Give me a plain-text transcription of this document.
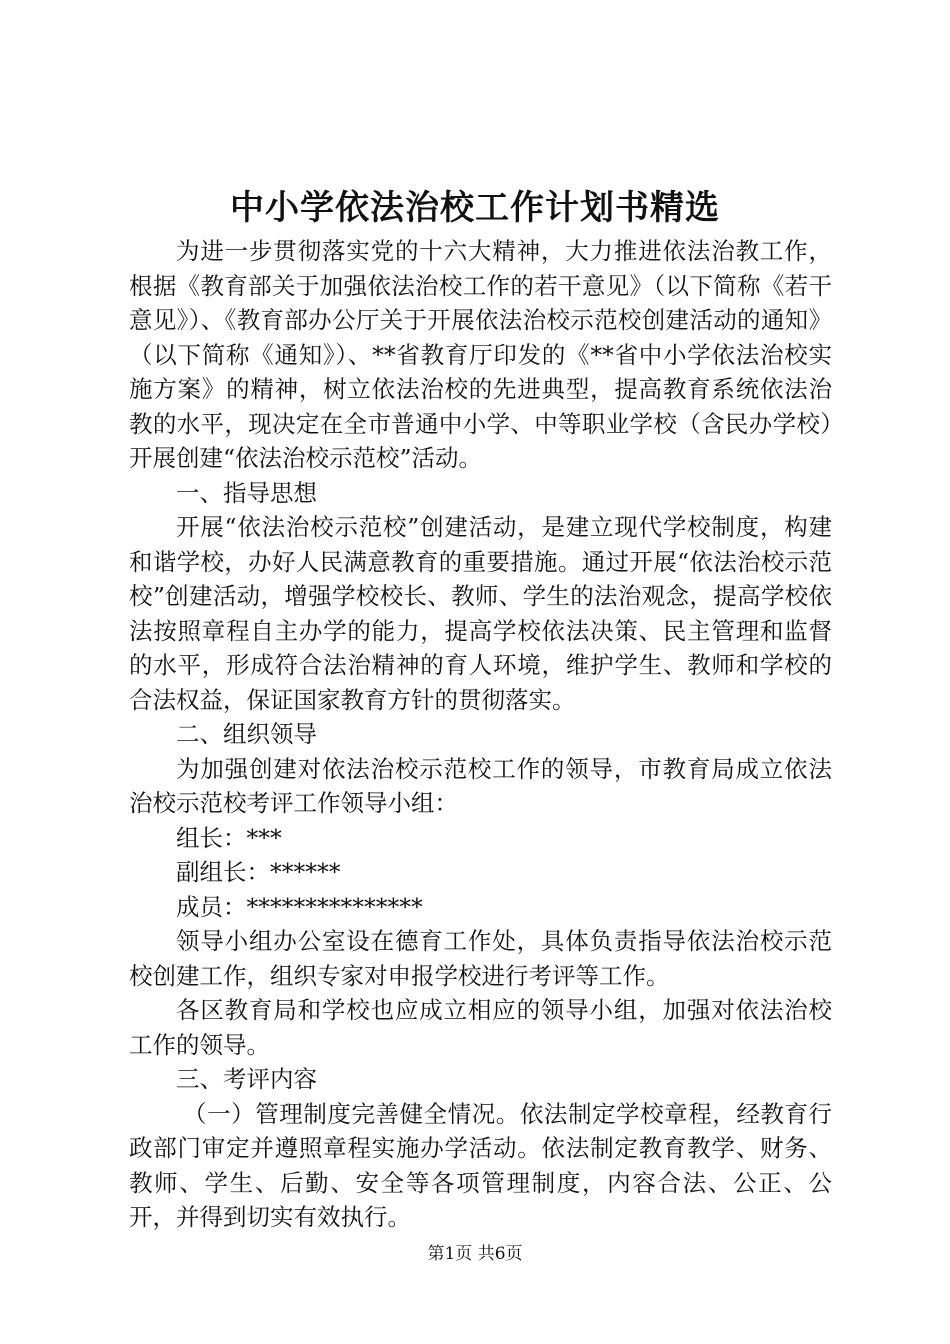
中小学依法治校工作计划书精选

为进一步贯彻落实党的十六大精神，大力推进依法治教工作，根据《教育部关于加强依法治校工作的若干意见》（以下简称《若干意见》）、《教育部办公厅关于开展依法治校示范校创建活动的通知》（以下简称《通知》）、**省教育厅印发的《**省中小学依法治校实施方案》的精神，树立依法治校的先进典型，提高教育系统依法治教的水平，现决定在全市普通中小学、中等职业学校（含民办学校）开展创建“依法治校示范校”活动。

一、指导思想

开展“依法治校示范校”创建活动，是建立现代学校制度，构建和谐学校，办好人民满意教育的重要措施。通过开展“依法治校示范校”创建活动，增强学校校长、教师、学生的法治观念，提高学校依法按照章程自主办学的能力，提高学校依法决策、民主管理和监督的水平，形成符合法治精神的育人环境，维护学生、教师和学校的合法权益，保证国家教育方针的贯彻落实。

二、组织领导

为加强创建对依法治校示范校工作的领导，市教育局成立依法治校示范校考评工作领导小组：

组长：***

副组长：******

成员：***************

领导小组办公室设在德育工作处，具体负责指导依法治校示范校创建工作，组织专家对申报学校进行考评等工作。

各区教育局和学校也应成立相应的领导小组，加强对依法治校工作的领导。

三、考评内容

（一）管理制度完善健全情况。依法制定学校章程，经教育行政部门审定并遵照章程实施办学活动。依法制定教育教学、财务、教师、学生、后勤、安全等各项管理制度，内容合法、公正、公开，并得到切实有效执行。

第1页 共6页
